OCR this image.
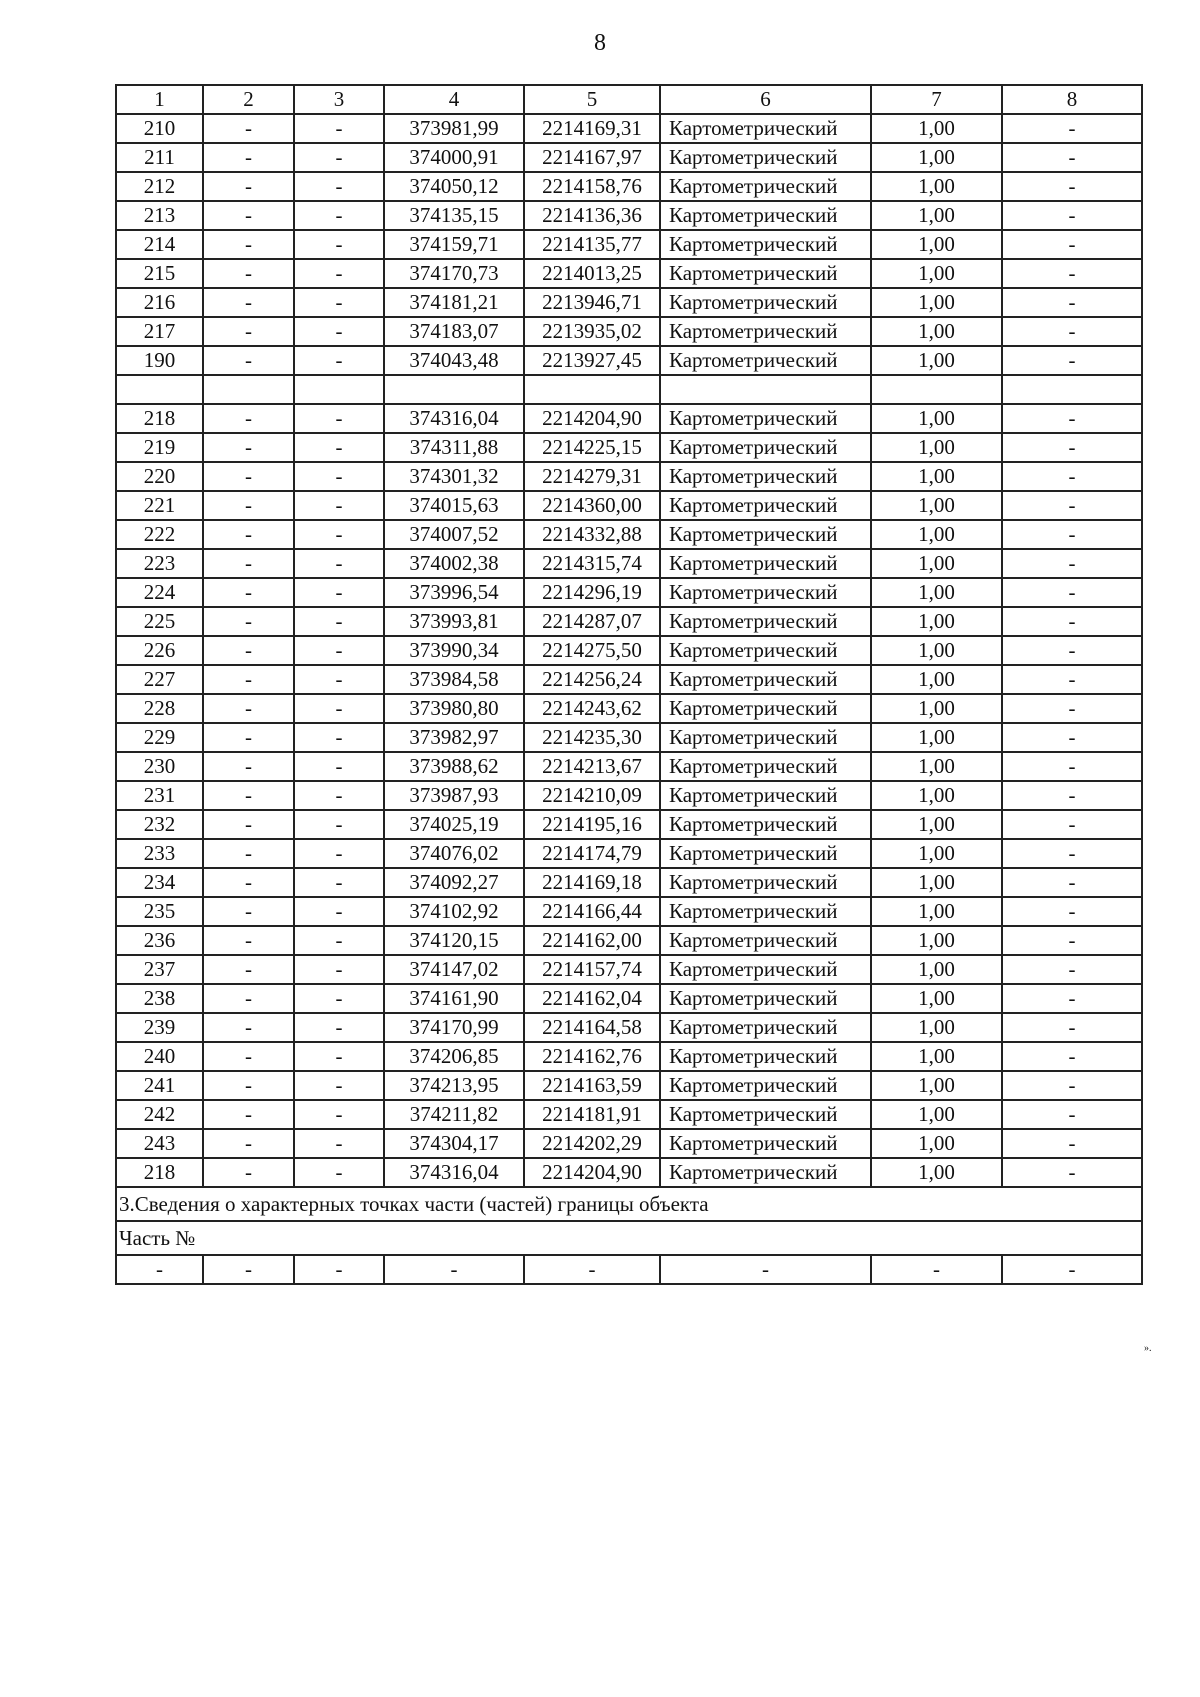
8
1	2	3	4	5	6	7	8
210	-	-	373981,99	2214169,31	Картометрический	1,00	-
211	-	-	374000,91	2214167,97	Картометрический	1,00	-
212	-	-	374050,12	2214158,76	Картометрический	1,00	-
213	-	-	374135,15	2214136,36	Картометрический	1,00	-
214	-	-	374159,71	2214135,77	Картометрический	1,00	-
215	-	-	374170,73	2214013,25	Картометрический	1,00	-
216	-	-	374181,21	2213946,71	Картометрический	1,00	-
217	-	-	374183,07	2213935,02	Картометрический	1,00	-
190	-	-	374043,48	2213927,45	Картометрический	1,00	-

218	-	-	374316,04	2214204,90	Картометрический	1,00	-
219	-	-	374311,88	2214225,15	Картометрический	1,00	-
220	-	-	374301,32	2214279,31	Картометрический	1,00	-
221	-	-	374015,63	2214360,00	Картометрический	1,00	-
222	-	-	374007,52	2214332,88	Картометрический	1,00	-
223	-	-	374002,38	2214315,74	Картометрический	1,00	-
224	-	-	373996,54	2214296,19	Картометрический	1,00	-
225	-	-	373993,81	2214287,07	Картометрический	1,00	-
226	-	-	373990,34	2214275,50	Картометрический	1,00	-
227	-	-	373984,58	2214256,24	Картометрический	1,00	-
228	-	-	373980,80	2214243,62	Картометрический	1,00	-
229	-	-	373982,97	2214235,30	Картометрический	1,00	-
230	-	-	373988,62	2214213,67	Картометрический	1,00	-
231	-	-	373987,93	2214210,09	Картометрический	1,00	-
232	-	-	374025,19	2214195,16	Картометрический	1,00	-
233	-	-	374076,02	2214174,79	Картометрический	1,00	-
234	-	-	374092,27	2214169,18	Картометрический	1,00	-
235	-	-	374102,92	2214166,44	Картометрический	1,00	-
236	-	-	374120,15	2214162,00	Картометрический	1,00	-
237	-	-	374147,02	2214157,74	Картометрический	1,00	-
238	-	-	374161,90	2214162,04	Картометрический	1,00	-
239	-	-	374170,99	2214164,58	Картометрический	1,00	-
240	-	-	374206,85	2214162,76	Картометрический	1,00	-
241	-	-	374213,95	2214163,59	Картометрический	1,00	-
242	-	-	374211,82	2214181,91	Картометрический	1,00	-
243	-	-	374304,17	2214202,29	Картометрический	1,00	-
218	-	-	374316,04	2214204,90	Картометрический	1,00	-
3.Сведения о характерных точках части (частей) границы объекта							
Часть №							
-	-	-	-	-	-	-	-
».
